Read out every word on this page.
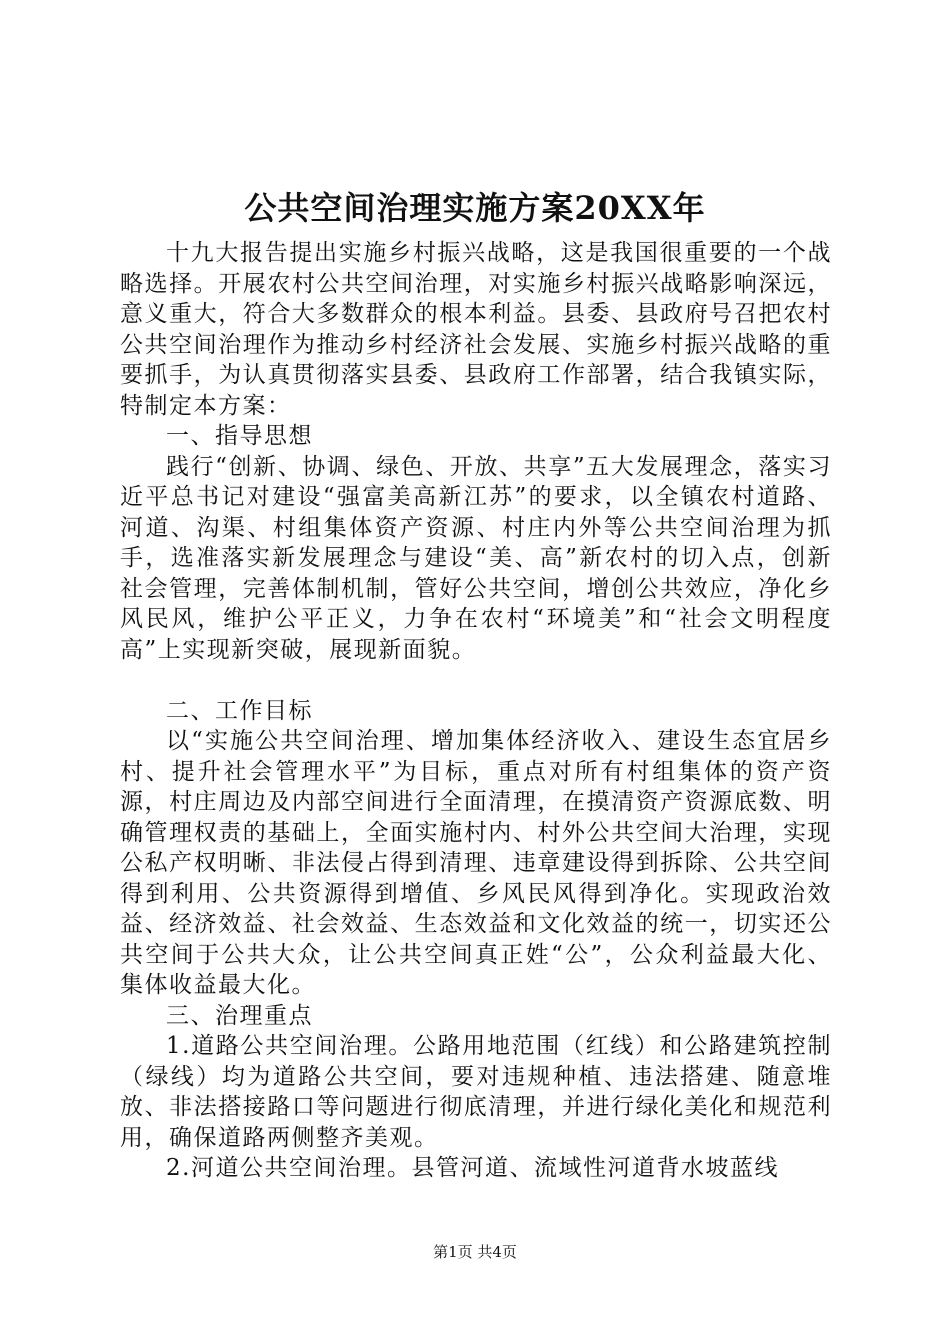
公共空间治理实施方案20XX年

十九大报告提出实施乡村振兴战略，这是我国很重要的一个战略选择。开展农村公共空间治理，对实施乡村振兴战略影响深远，意义重大，符合大多数群众的根本利益。县委、县政府号召把农村公共空间治理作为推动乡村经济社会发展、实施乡村振兴战略的重要抓手，为认真贯彻落实县委、县政府工作部署，结合我镇实际，特制定本方案：

一、指导思想

践行“创新、协调、绿色、开放、共享”五大发展理念，落实习近平总书记对建设“强富美高新江苏”的要求，以全镇农村道路、河道、沟渠、村组集体资产资源、村庄内外等公共空间治理为抓手，选准落实新发展理念与建设“美、高”新农村的切入点，创新社会管理，完善体制机制，管好公共空间，增创公共效应，净化乡风民风，维护公平正义，力争在农村“环境美”和“社会文明程度高”上实现新突破，展现新面貌。

二、工作目标

以“实施公共空间治理、增加集体经济收入、建设生态宜居乡村、提升社会管理水平”为目标，重点对所有村组集体的资产资源，村庄周边及内部空间进行全面清理，在摸清资产资源底数、明确管理权责的基础上，全面实施村内、村外公共空间大治理，实现公私产权明晰、非法侵占得到清理、违章建设得到拆除、公共空间得到利用、公共资源得到增值、乡风民风得到净化。实现政治效益、经济效益、社会效益、生态效益和文化效益的统一，切实还公共空间于公共大众，让公共空间真正姓“公”，公众利益最大化、集体收益最大化。

三、治理重点

1.道路公共空间治理。公路用地范围（红线）和公路建筑控制（绿线）均为道路公共空间，要对违规种植、违法搭建、随意堆放、非法搭接路口等问题进行彻底清理，并进行绿化美化和规范利用，确保道路两侧整齐美观。

2.河道公共空间治理。县管河道、流域性河道背水坡蓝线

第1页 共4页
